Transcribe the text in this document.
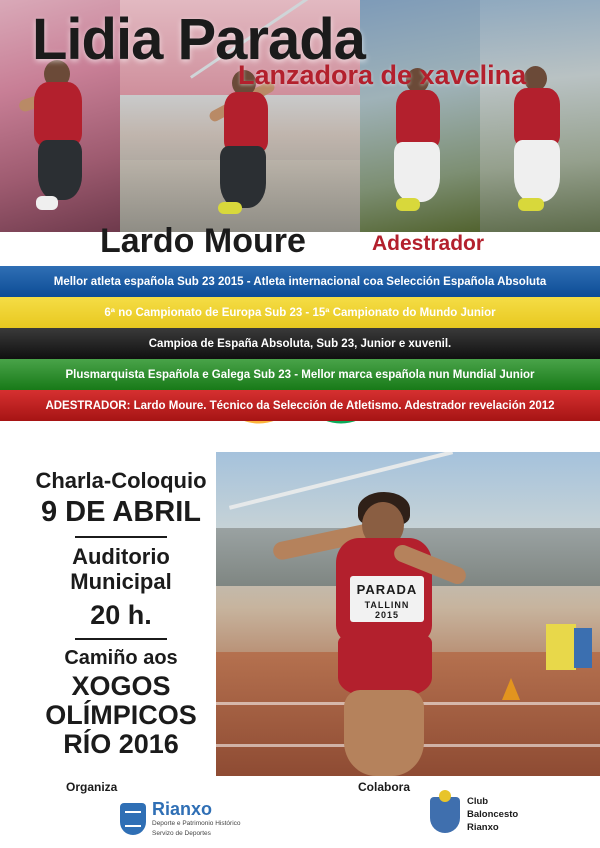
Lidia Parada
Lanzadora de xavelina
Lardo Moure	Adestrador
Mellor atleta española Sub 23 2015 - Atleta internacional coa Selección Española Absoluta
6ª no Campionato de Europa Sub 23 - 15ª Campionato do Mundo Junior
Campioa de España Absoluta, Sub 23, Junior e xuvenil.
Plusmarquista Española e Galega Sub 23 - Mellor marca española nun Mundial Junior
ADESTRADOR: Lardo Moure. Técnico da Selección de Atletismo. Adestrador revelación 2012
PARADA
TALLINN 2015
Charla-Coloquio
9 DE ABRIL
Auditorio
Municipal
20 h.
Camiño aos
XOGOS
OLÍMPICOS
RÍO 2016
Organiza	Colabora
Rianxo
Deporte e Patrimonio Histórico
Servizo de Deportes
Club
Baloncesto
Rianxo
